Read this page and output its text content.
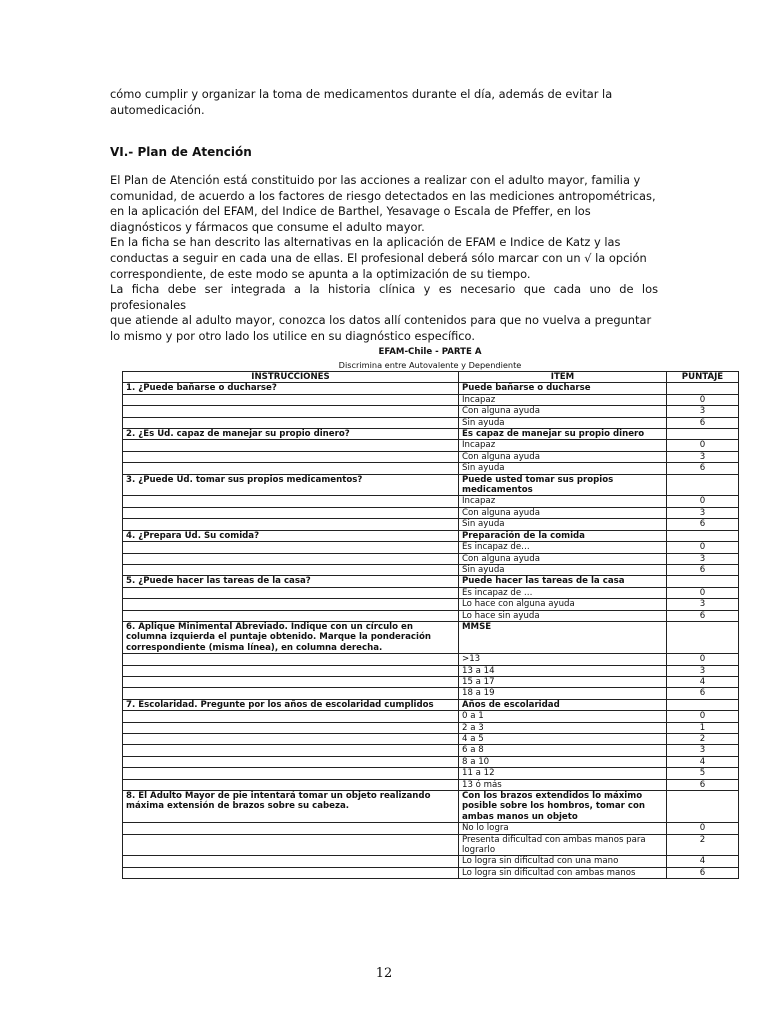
cómo cumplir y organizar la toma de medicamentos durante el día, además de evitar la
automedicación.
VI.- Plan de Atención
El Plan de Atención está constituido por las acciones a realizar con el adulto mayor, familia y
comunidad, de acuerdo a los factores de riesgo detectados en las mediciones antropométricas,
en la aplicación del EFAM, del Indice de Barthel, Yesavage o Escala de Pfeffer, en los
diagnósticos y fármacos que consume el adulto mayor.
En la ficha se han descrito las alternativas en la aplicación de EFAM e Indice de Katz y las
conductas a seguir en cada una de ellas. El profesional deberá sólo marcar con un √ la opción
correspondiente, de este modo se apunta a la optimización de su tiempo.
La ficha debe ser integrada a la historia clínica y es necesario que cada uno de los profesionales
que atiende al adulto mayor, conozca los datos allí contenidos para que no vuelva a preguntar
lo mismo y por otro lado los utilice en su diagnóstico específico.
EFAM-Chile - PARTE A
Discrimina entre Autovalente y Dependiente
INSTRUCCIONES	ITEM	PUNTAJE
1. ¿Puede bañarse o ducharse?	Puede bañarse o ducharse	
	Incapaz	0
	Con alguna ayuda	3
	Sin ayuda	6
2. ¿Es Ud. capaz de manejar su propio dinero?	Es capaz de manejar su propio dinero	
	Incapaz	0
	Con alguna ayuda	3
	Sin ayuda	6
3. ¿Puede Ud. tomar sus propios medicamentos?	Puede usted tomar sus propios medicamentos	
	Incapaz	0
	Con alguna ayuda	3
	Sin ayuda	6
4. ¿Prepara Ud. Su comida?	Preparación de la comida	
	Es incapaz de…	0
	Con alguna ayuda	3
	Sin ayuda	6
5. ¿Puede hacer las tareas de la casa?	Puede hacer las tareas de la casa	
	Es incapaz de …	0
	Lo hace con alguna ayuda	3
	Lo hace sin ayuda	6
6. Aplique Minimental Abreviado. Indique con un círculo en columna izquierda el puntaje obtenido. Marque la ponderación correspondiente (misma línea), en columna derecha.	MMSE	
	>13	0
	13 a 14	3
	15 a 17	4
	18 a 19	6
7. Escolaridad. Pregunte por los años de escolaridad cumplidos	Años de escolaridad	
	0 a 1	0
	2 a 3	1
	4 a 5	2
	6 a 8	3
	8 a 10	4
	11 a 12	5
	13 ó más	6
8. El Adulto Mayor de pie intentará tomar un objeto realizando máxima extensión de brazos sobre su cabeza.	Con los brazos extendidos lo máximo posible sobre los hombros, tomar con ambas manos un objeto	
	No lo logra	0
	Presenta dificultad con ambas manos para lograrlo	2
	Lo logra sin dificultad con una mano	4
	Lo logra sin dificultad con ambas manos	6
12
